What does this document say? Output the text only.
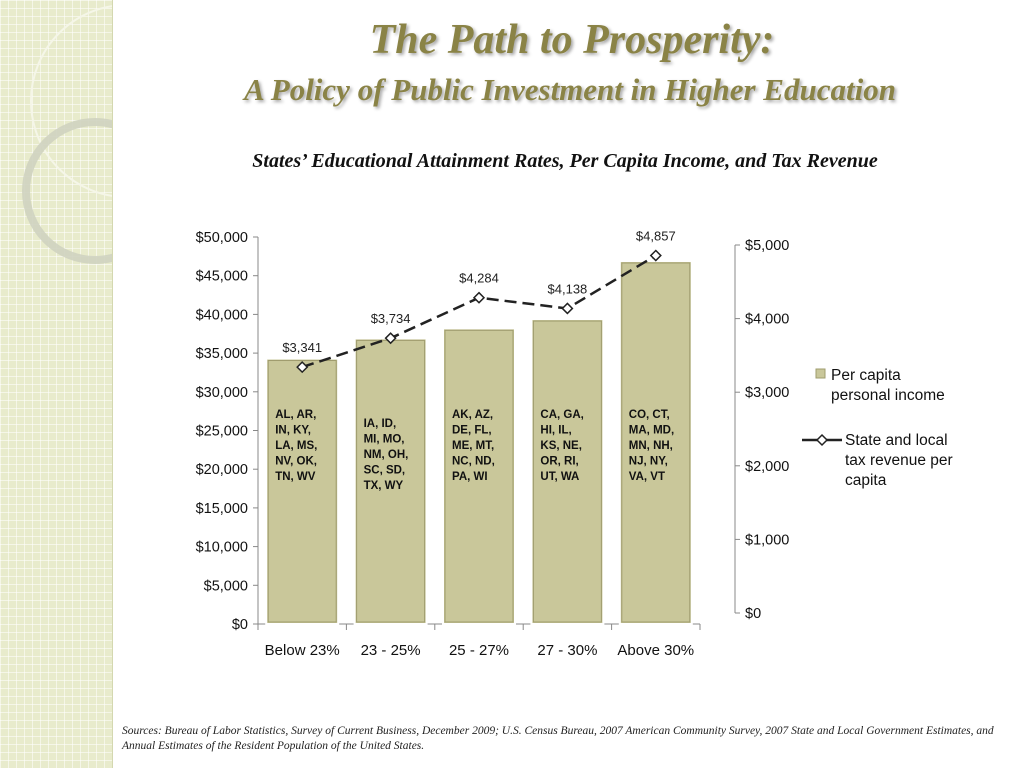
The Path to Prosperity:
A Policy of Public Investment in Higher Education
States’ Educational Attainment Rates, Per Capita Income, and Tax Revenue
$0
$5,000
$10,000
$15,000
$20,000
$25,000
$30,000
$35,000
$40,000
$45,000
$50,000
$0
$1,000
$2,000
$3,000
$4,000
$5,000
AL, AR,
IN, KY,
LA, MS,
NV, OK,
TN, WV
IA, ID,
MI, MO,
NM, OH,
SC, SD,
TX, WY
AK, AZ,
DE, FL,
ME, MT,
NC, ND,
PA, WI
CA, GA,
HI, IL,
KS, NE,
OR, RI,
UT, WA
CO, CT,
MA, MD,
MN, NH,
NJ, NY,
VA, VT
Below 23% 23 - 25% 25 - 27% 27 - 30% Above 30%
$3,341
$3,734
$4,284
$4,138
$4,857
Per capita
personal income
State and local
tax revenue per
capita
Sources: Bureau of Labor Statistics, Survey of Current Business, December 2009; U.S. Census Bureau, 2007 American Community Survey, 2007 State and Local Government Estimates, and Annual Estimates of the Resident Population of the United States.
